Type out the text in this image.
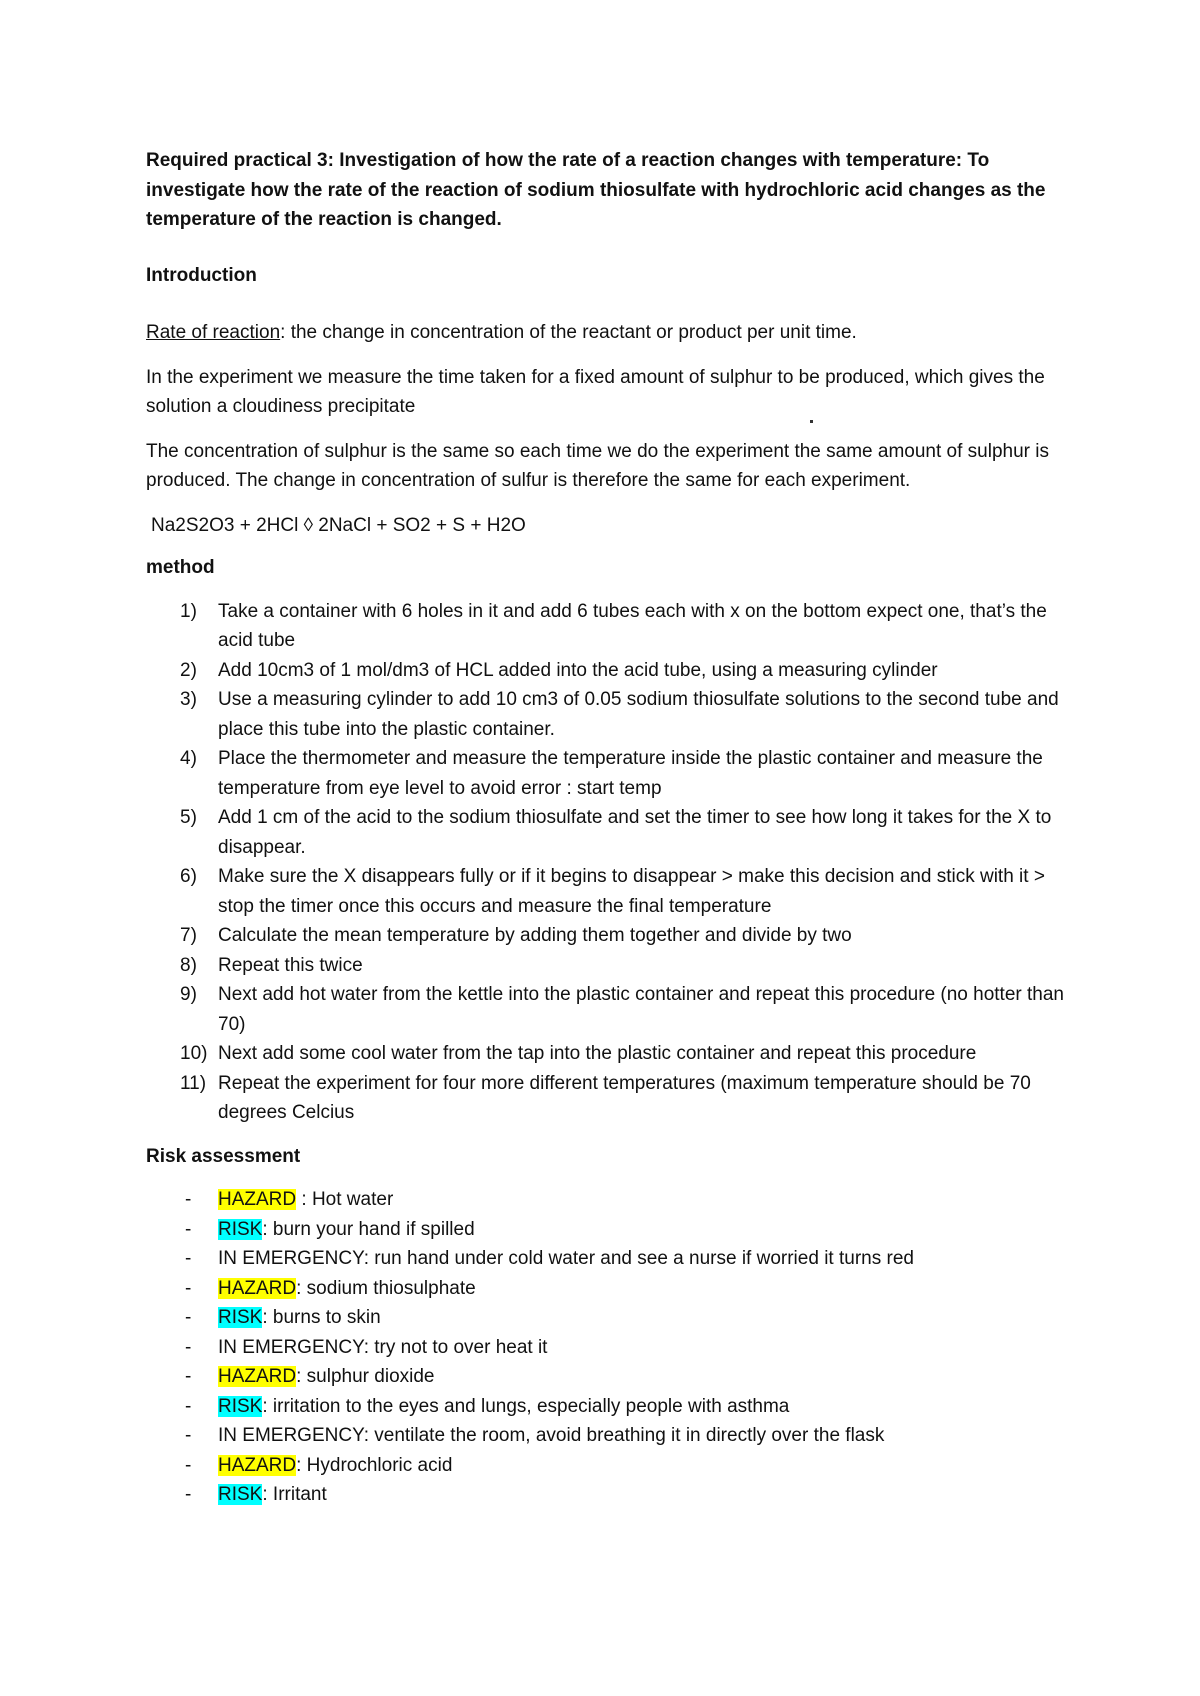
Required practical 3: Investigation of how the rate of a reaction changes with temperature: To investigate how the rate of the reaction of sodium thiosulfate with hydrochloric acid changes as the temperature of the reaction is changed.

Introduction

Rate of reaction: the change in concentration of the reactant or product per unit time.

In the experiment we measure the time taken for a fixed amount of sulphur to be produced, which gives the solution a cloudiness precipitate

The concentration of sulphur is the same so each time we do the experiment the same amount of sulphur is produced. The change in concentration of sulfur is therefore the same for each experiment.

Na2S2O3 + 2HCl ◊ 2NaCl + SO2 + S + H2O

method

1)	Take a container with 6 holes in it and add 6 tubes each with x on the bottom expect one, that’s the acid tube
2)	Add 10cm3 of 1 mol/dm3 of HCL added into the acid tube, using a measuring cylinder
3)	Use a measuring cylinder to add 10 cm3 of 0.05 sodium thiosulfate solutions to the second tube and place this tube into the plastic container.
4)	Place the thermometer and measure the temperature inside the plastic container and measure the temperature from eye level to avoid error : start temp
5)	Add 1 cm of the acid to the sodium thiosulfate and set the timer to see how long it takes for the X to disappear.
6)	Make sure the X disappears fully or if it begins to disappear > make this decision and stick with it > stop the timer once this occurs and measure the final temperature
7)	Calculate the mean temperature by adding them together and divide by two
8)	Repeat this twice
9)	Next add hot water from the kettle into the plastic container and repeat this procedure (no hotter than 70)
10) Next add some cool water from the tap into the plastic container and repeat this procedure
11) Repeat the experiment for four more different temperatures (maximum temperature should be 70 degrees Celcius

Risk assessment

- HAZARD : Hot water
- RISK: burn your hand if spilled
- IN EMERGENCY: run hand under cold water and see a nurse if worried it turns red
- HAZARD: sodium thiosulphate
- RISK: burns to skin
- IN EMERGENCY: try not to over heat it
- HAZARD: sulphur dioxide
- RISK: irritation to the eyes and lungs, especially people with asthma
- IN EMERGENCY: ventilate the room, avoid breathing it in directly over the flask
- HAZARD: Hydrochloric acid
- RISK: Irritant
